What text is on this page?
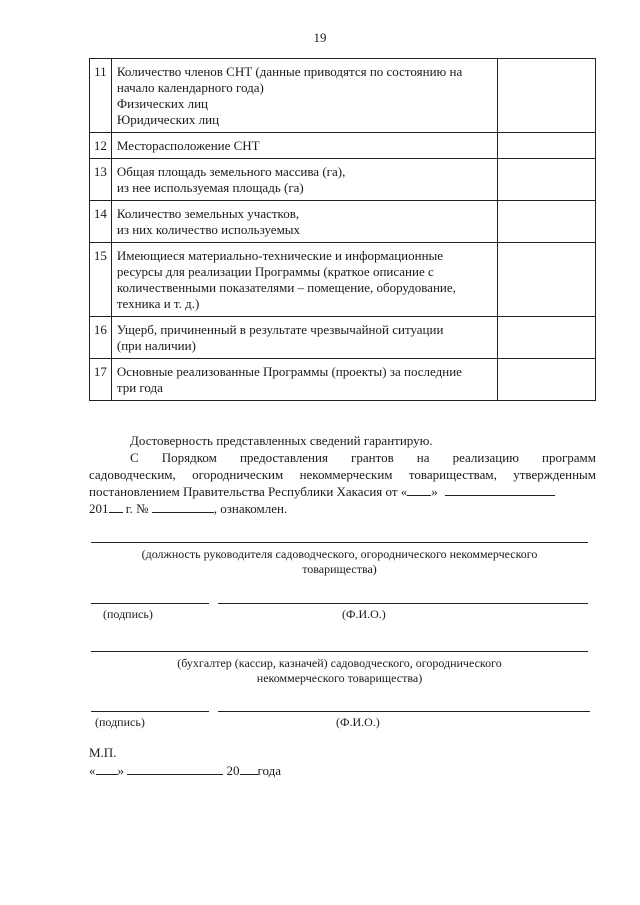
19
11	Количество членов СНТ (данные приводятся по состоянию на
начало календарного года)
Физических лиц
Юридических лиц	

12	Месторасположение СНТ	

13	Общая площадь земельного массива (га),
из нее используемая площадь (га)	

14	Количество земельных участков,
из них количество используемых	

15	Имеющиеся материально-технические и информационные
ресурсы для реализации Программы (краткое описание с
количественными показателями – помещение, оборудование,
техника и т. д.)	

16	Ущерб, причиненный в результате чрезвычайной ситуации
(при наличии)	

17	Основные реализованные Программы (проекты) за последние
три года	

Достоверность представленных сведений гарантирую.
С Порядком предоставления грантов на реализацию программ
садоводческим, огородническим некоммерческим товариществам, утвержденным
постановлением Правительства Республики Хакасия от « »
201 г. №	, ознакомлен.
(должность руководителя садоводческого, огороднического некоммерческого
товарищества)
(подпись)	(Ф.И.О.)
(бухгалтер (кассир, казначей) садоводческого, огороднического
некоммерческого товарищества)
(подпись)	(Ф.И.О.)
М.П.
« »	20 года
